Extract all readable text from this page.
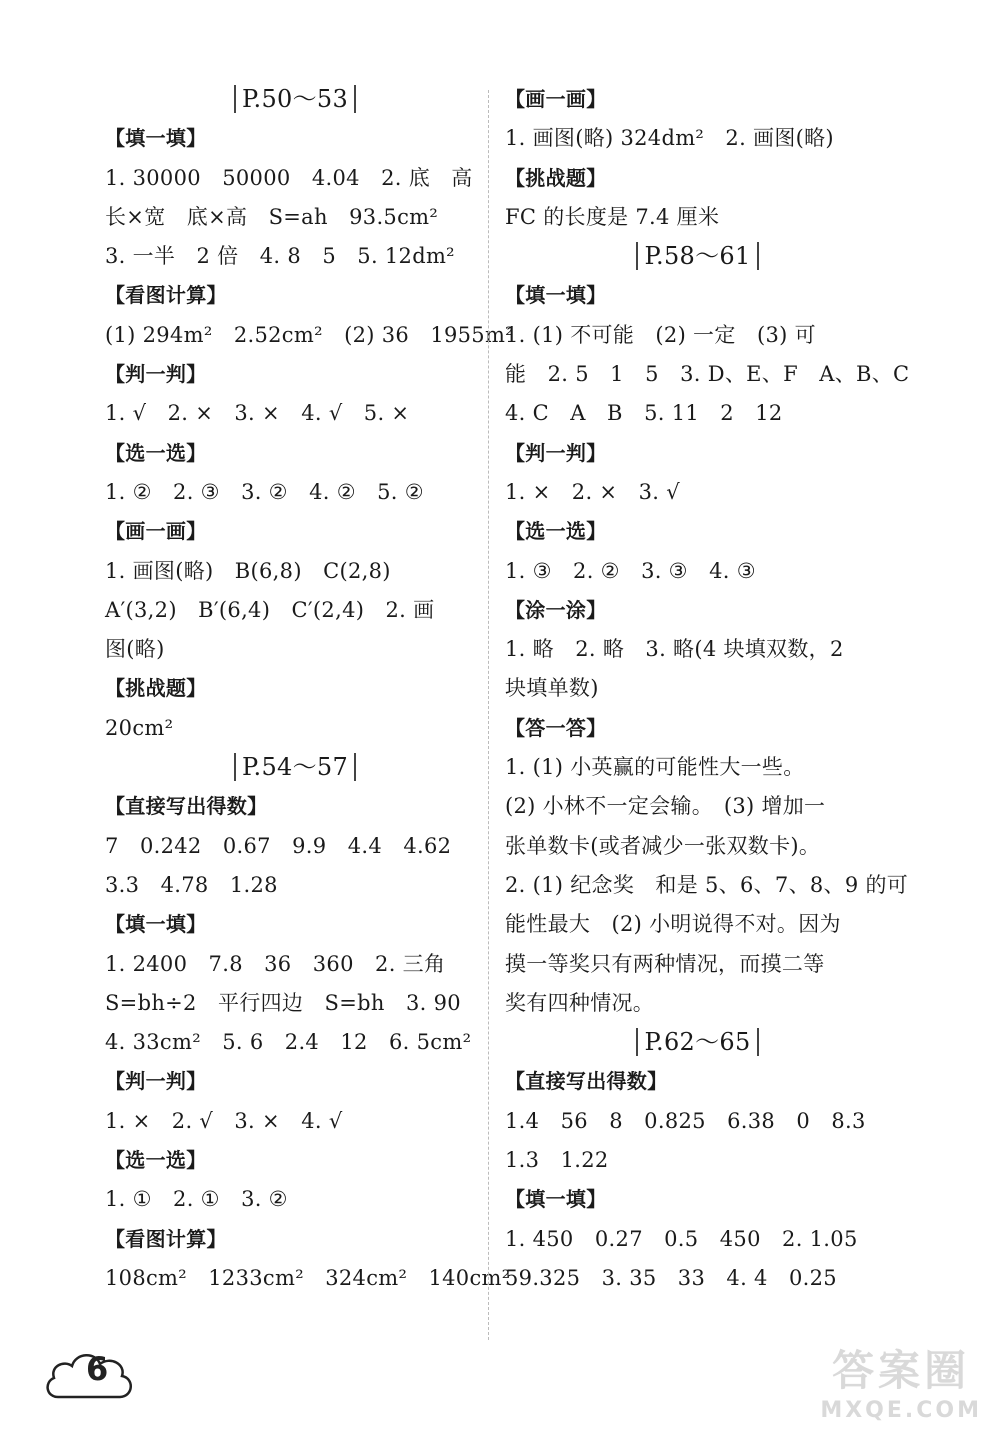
P.50～53
【填一填】
1. 30000　50000　4.04　2. 底　高
长×宽　底×高　S=ah　93.5cm²
3. 一半　2 倍　4. 8　5　5. 12dm²
【看图计算】
(1) 294m²　2.52cm²　(2) 36　1955m²
【判一判】
1. √　2. ×　3. ×　4. √　5. ×
【选一选】
1. ②　2. ③　3. ②　4. ②　5. ②
【画一画】
1. 画图(略)　B(6,8)　C(2,8)
A′(3,2)　B′(6,4)　C′(2,4)　2. 画
图(略)
【挑战题】
20cm²
P.54～57
【直接写出得数】
7　0.242　0.67　9.9　4.4　4.62
3.3　4.78　1.28
【填一填】
1. 2400　7.8　36　360　2. 三角
S=bh÷2　平行四边　S=bh　3. 90
4. 33cm²　5. 6　2.4　12　6. 5cm²
【判一判】
1. ×　2. √　3. ×　4. √
【选一选】
1. ①　2. ①　3. ②
【看图计算】
108cm²　1233cm²　324cm²　140cm²
【画一画】
1. 画图(略) 324dm²　2. 画图(略)
【挑战题】
FC 的长度是 7.4 厘米
P.58～61
【填一填】
1. (1) 不可能　(2) 一定　(3) 可
能　2. 5　1　5　3. D、E、F　A、B、C
4. C　A　B　5. 11　2　12
【判一判】
1. ×　2. ×　3. √
【选一选】
1. ③　2. ②　3. ③　4. ③
【涂一涂】
1. 略　2. 略　3. 略(4 块填双数，2
块填单数)
【答一答】
1. (1) 小英赢的可能性大一些。
(2) 小林不一定会输。　(3) 增加一
张单数卡(或者减少一张双数卡)。
2. (1) 纪念奖　和是 5、6、7、8、9 的可
能性最大　(2) 小明说得不对。因为
摸一等奖只有两种情况，而摸二等
奖有四种情况。
P.62～65
【直接写出得数】
1.4　56　8　0.825　6.38　0　8.3
1.3　1.22
【填一填】
1. 450　0.27　0.5　450　2. 1.05
59.325　3. 35　33　4. 4　0.25
6	答案圈
MXQE.COM
